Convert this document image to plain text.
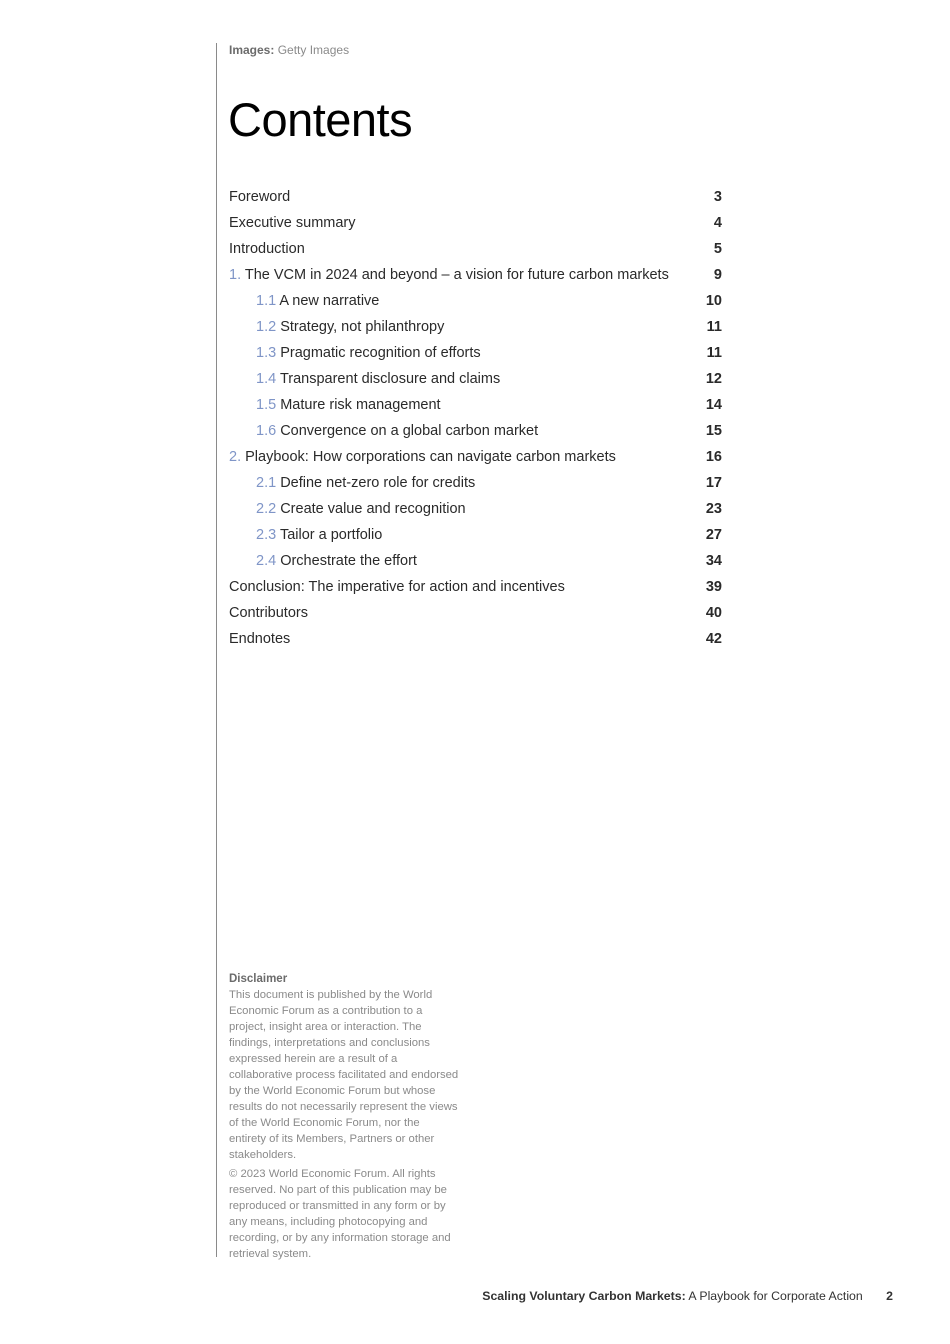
Images: Getty Images
Contents
Foreword	3
Executive summary	4
Introduction	5
1. The VCM in 2024 and beyond – a vision for future carbon markets	9
1.1 A new narrative	10
1.2 Strategy, not philanthropy	11
1.3 Pragmatic recognition of efforts	11
1.4 Transparent disclosure and claims	12
1.5 Mature risk management	14
1.6 Convergence on a global carbon market	15
2. Playbook: How corporations can navigate carbon markets	16
2.1 Define net-zero role for credits	17
2.2 Create value and recognition	23
2.3 Tailor a portfolio	27
2.4 Orchestrate the effort	34
Conclusion: The imperative for action and incentives	39
Contributors	40
Endnotes	42
Disclaimer

This document is published by the World Economic Forum as a contribution to a project, insight area or interaction. The findings, interpretations and conclusions expressed herein are a result of a collaborative process facilitated and endorsed by the World Economic Forum but whose results do not necessarily represent the views of the World Economic Forum, nor the entirety of its Members, Partners or other stakeholders.

© 2023 World Economic Forum. All rights reserved. No part of this publication may be reproduced or transmitted in any form or by any means, including photocopying and recording, or by any information storage and retrieval system.

Scaling Voluntary Carbon Markets: A Playbook for Corporate Action 2
